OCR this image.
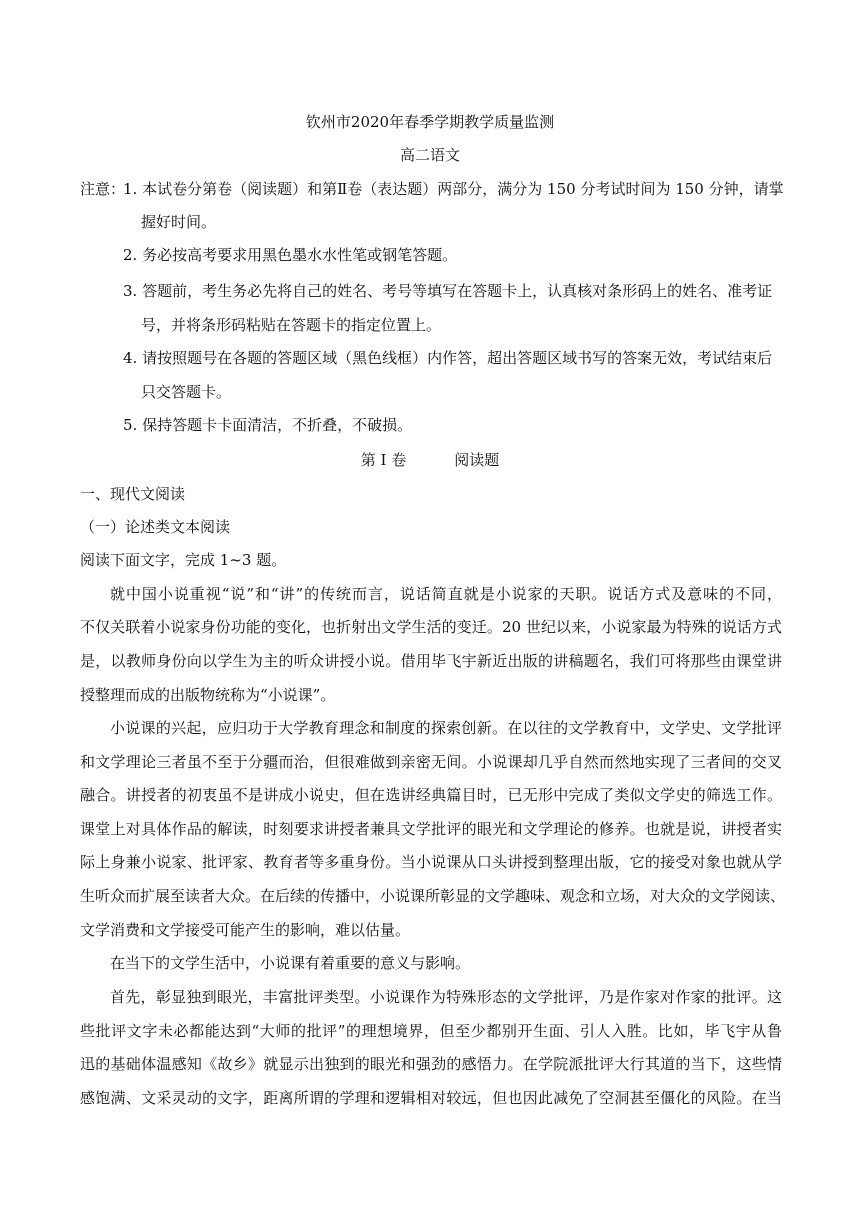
钦州市2020年春季学期教学质量监测
高二语文
注意：
1. 本试卷分第卷（阅读题）和第Ⅱ卷（表达题）两部分，满分为 150 分考试时间为 150 分钟，请掌
握好时间。
2. 务必按高考要求用黑色墨水水性笔或钢笔答题。
3. 答题前，考生务必先将自己的姓名、考号等填写在答题卡上，认真核对条形码上的姓名、准考证
号，并将条形码粘贴在答题卡的指定位置上。
4. 请按照题号在各题的答题区域（黑色线框）内作答，超出答题区域书写的答案无效，考试结束后
只交答题卡。
5. 保持答题卡卡面清洁，不折叠，不破损。
第 I 卷	阅读题
一、现代文阅读
（一）论述类文本阅读
阅读下面文字，完成 1~3 题。
就中国小说重视“说”和“讲”的传统而言，说话简直就是小说家的天职。说话方式及意味的不同，
不仅关联着小说家身份功能的变化，也折射出文学生活的变迁。20 世纪以来，小说家最为特殊的说话方式
是，以教师身份向以学生为主的听众讲授小说。借用毕飞宇新近出版的讲稿题名，我们可将那些由课堂讲
授整理而成的出版物统称为“小说课”。
小说课的兴起，应归功于大学教育理念和制度的探索创新。在以往的文学教育中，文学史、文学批评
和文学理论三者虽不至于分疆而治，但很难做到亲密无间。小说课却几乎自然而然地实现了三者间的交叉
融合。讲授者的初衷虽不是讲成小说史，但在选讲经典篇目时，已无形中完成了类似文学史的筛选工作。
课堂上对具体作品的解读，时刻要求讲授者兼具文学批评的眼光和文学理论的修养。也就是说，讲授者实
际上身兼小说家、批评家、教育者等多重身份。当小说课从口头讲授到整理出版，它的接受对象也就从学
生听众而扩展至读者大众。在后续的传播中，小说课所彰显的文学趣味、观念和立场，对大众的文学阅读、
文学消费和文学接受可能产生的影响，难以估量。
在当下的文学生活中，小说课有着重要的意义与影响。
首先，彰显独到眼光，丰富批评类型。小说课作为特殊形态的文学批评，乃是作家对作家的批评。这
些批评文字未必都能达到“大师的批评”的理想境界，但至少都别开生面、引人入胜。比如，毕飞宇从鲁
迅的基础体温感知《故乡》就显示出独到的眼光和强劲的感悟力。在学院派批评大行其道的当下，这些情
感饱满、文采灵动的文字，距离所谓的学理和逻辑相对较远，但也因此减免了空洞甚至僵化的风险。在当
